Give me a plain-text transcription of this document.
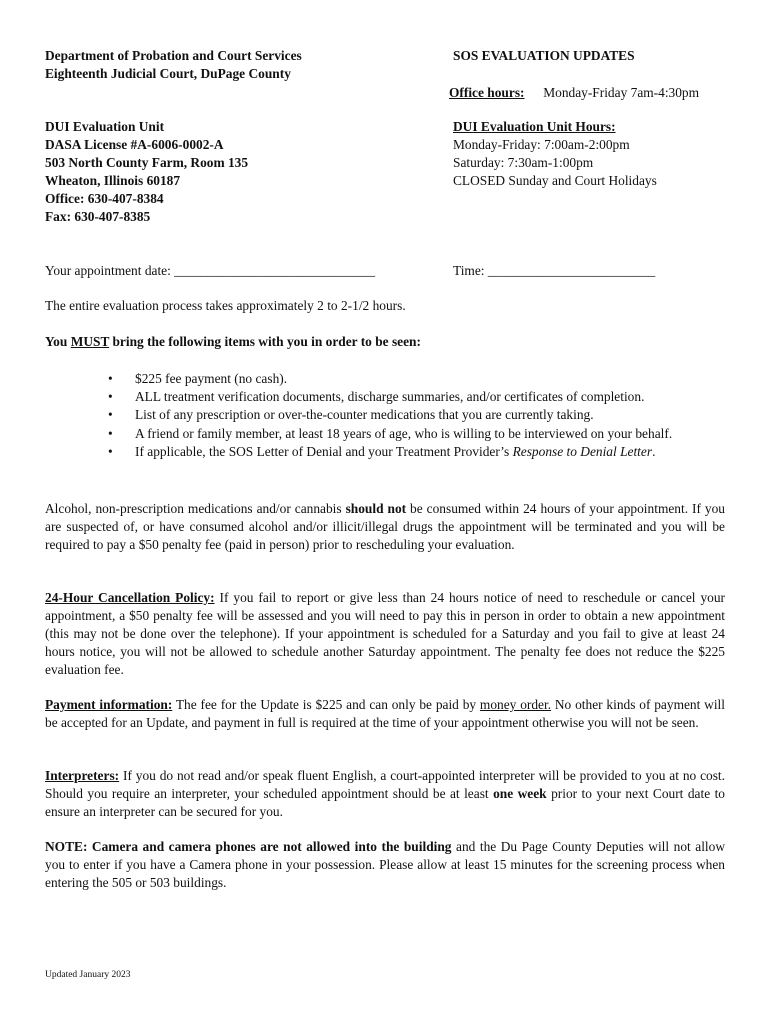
Department of Probation and Court Services
Eighteenth Judicial Court, DuPage County
SOS EVALUATION UPDATES
Office hours: Monday-Friday 7am-4:30pm
DUI Evaluation Unit
DASA License #A-6006-0002-A
503 North County Farm, Room 135
Wheaton, Illinois 60187
Office: 630-407-8384
Fax: 630-407-8385
DUI Evaluation Unit Hours:
Monday-Friday: 7:00am-2:00pm
Saturday: 7:30am-1:00pm
CLOSED Sunday and Court Holidays
Your appointment date: ______________________________	Time: _________________________
The entire evaluation process takes approximately 2 to 2-1/2 hours.
You MUST bring the following items with you in order to be seen:
• $225 fee payment (no cash).
• ALL treatment verification documents, discharge summaries, and/or certificates of completion.
• List of any prescription or over-the-counter medications that you are currently taking.
• A friend or family member, at least 18 years of age, who is willing to be interviewed on your behalf.
• If applicable, the SOS Letter of Denial and your Treatment Provider’s Response to Denial Letter.

Alcohol, non-prescription medications and/or cannabis should not be consumed within 24 hours of your appointment. If you are suspected of, or have consumed alcohol and/or illicit/illegal drugs the appointment will be terminated and you will be required to pay a $50 penalty fee (paid in person) prior to rescheduling your evaluation.

24-Hour Cancellation Policy: If you fail to report or give less than 24 hours notice of need to reschedule or cancel your appointment, a $50 penalty fee will be assessed and you will need to pay this in person in order to obtain a new appointment (this may not be done over the telephone). If your appointment is scheduled for a Saturday and you fail to give at least 24 hours notice, you will not be allowed to schedule another Saturday appointment. The penalty fee does not reduce the $225 evaluation fee.

Payment information: The fee for the Update is $225 and can only be paid by money order. No other kinds of payment will be accepted for an Update, and payment in full is required at the time of your appointment otherwise you will not be seen.

Interpreters: If you do not read and/or speak fluent English, a court-appointed interpreter will be provided to you at no cost. Should you require an interpreter, your scheduled appointment should be at least one week prior to your next Court date to ensure an interpreter can be secured for you.

NOTE: Camera and camera phones are not allowed into the building and the Du Page County Deputies will not allow you to enter if you have a Camera phone in your possession. Please allow at least 15 minutes for the screening process when entering the 505 or 503 buildings.

Updated January 2023
